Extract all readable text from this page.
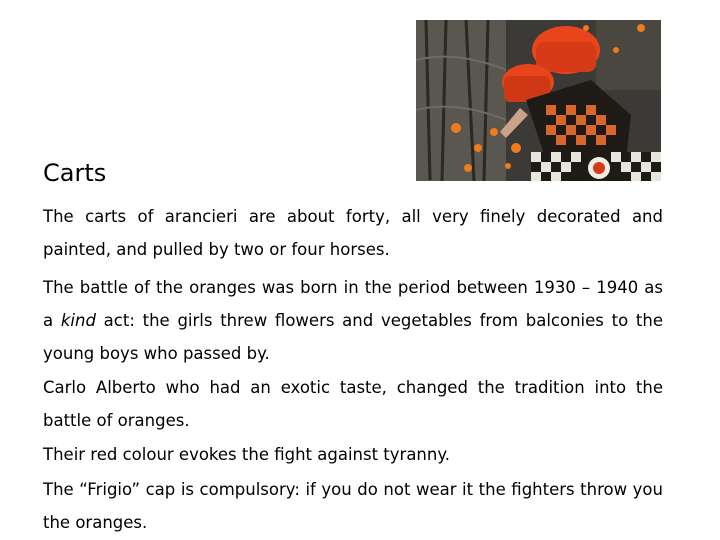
Carts

The carts of arancieri are about forty, all very finely decorated and painted, and pulled by two or four horses.

The battle of the oranges was born in the period between 1930 – 1940 as a kind act: the girls threw flowers and vegetables from balconies to the young boys who passed by.

Carlo Alberto who had an exotic taste, changed the tradition into the battle of oranges.

Their red colour evokes the fight against tyranny.

The “Frigio” cap is compulsory: if you do not wear it the fighters throw you the oranges.
